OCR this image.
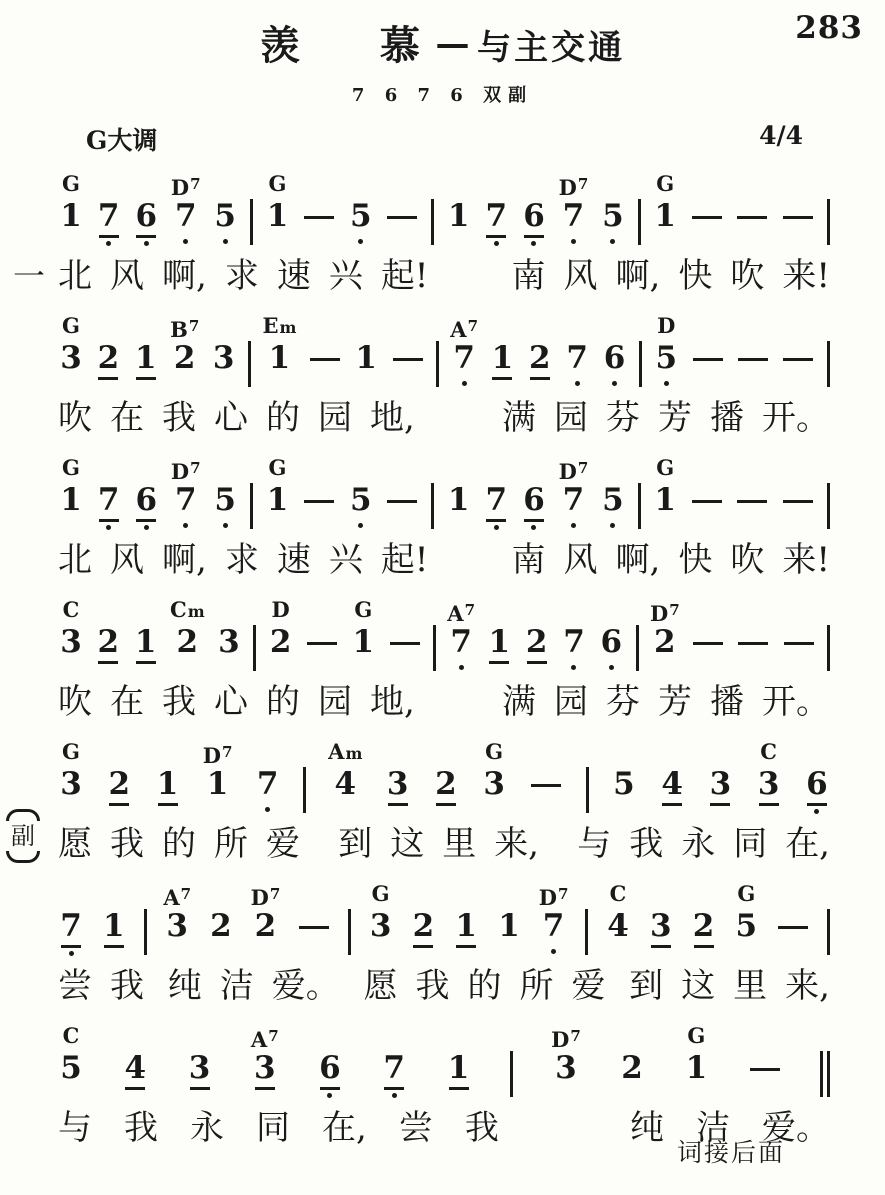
283
羡　慕 — 与主交通
7 6 7 6 双副
G大调	4/4
G
1 7 6
$D^7$
7 5
G
1 5 1 7 6
$D^7$
7 5
G
1
一 北 风 啊, 求 速 兴 起! 南 风 啊, 快 吹 来!
G
3 2 1
$B^7$
2 3
Em
1 1
$A^7$
7 1 2 7 6
D
5
吹 在 我 心 的 园 地,	满 园 芬 芳 播 开。
G
1 7 6
$D^7$
7 5
G
1 5 1 7 6
$D^7$
7 5
G
1
北 风 啊, 求 速 兴 起! 南 风 啊, 快 吹 来!
C
3 2 1
Cm
2 3
D
2
G
1
$A^7$
7 1 2 7 6
$D^7$
2
吹 在 我 心 的 园 地,	满 园 芬 芳 播 开。
G
3 2 1
$D^7$
1 7
Am
4 3 2
G
3	5 4 3
C
3 6
副 愿 我 的 所 爱 到 这 里 来, 与 我 永 同 在,
7 1
$A^7$
3 2
$D^7$
2
G
3 2 1 1
$D^7$
7
C
4 3 2
G
5
尝 我 纯 洁 爱。 愿 我 的 所 爱 到 这 里 来,
C
5 4 3
$A^7$
3 6 7 1
$D^7$
3 2
G
1
与 我 永 同 在, 尝 我	纯 洁 爱。
词接后面
